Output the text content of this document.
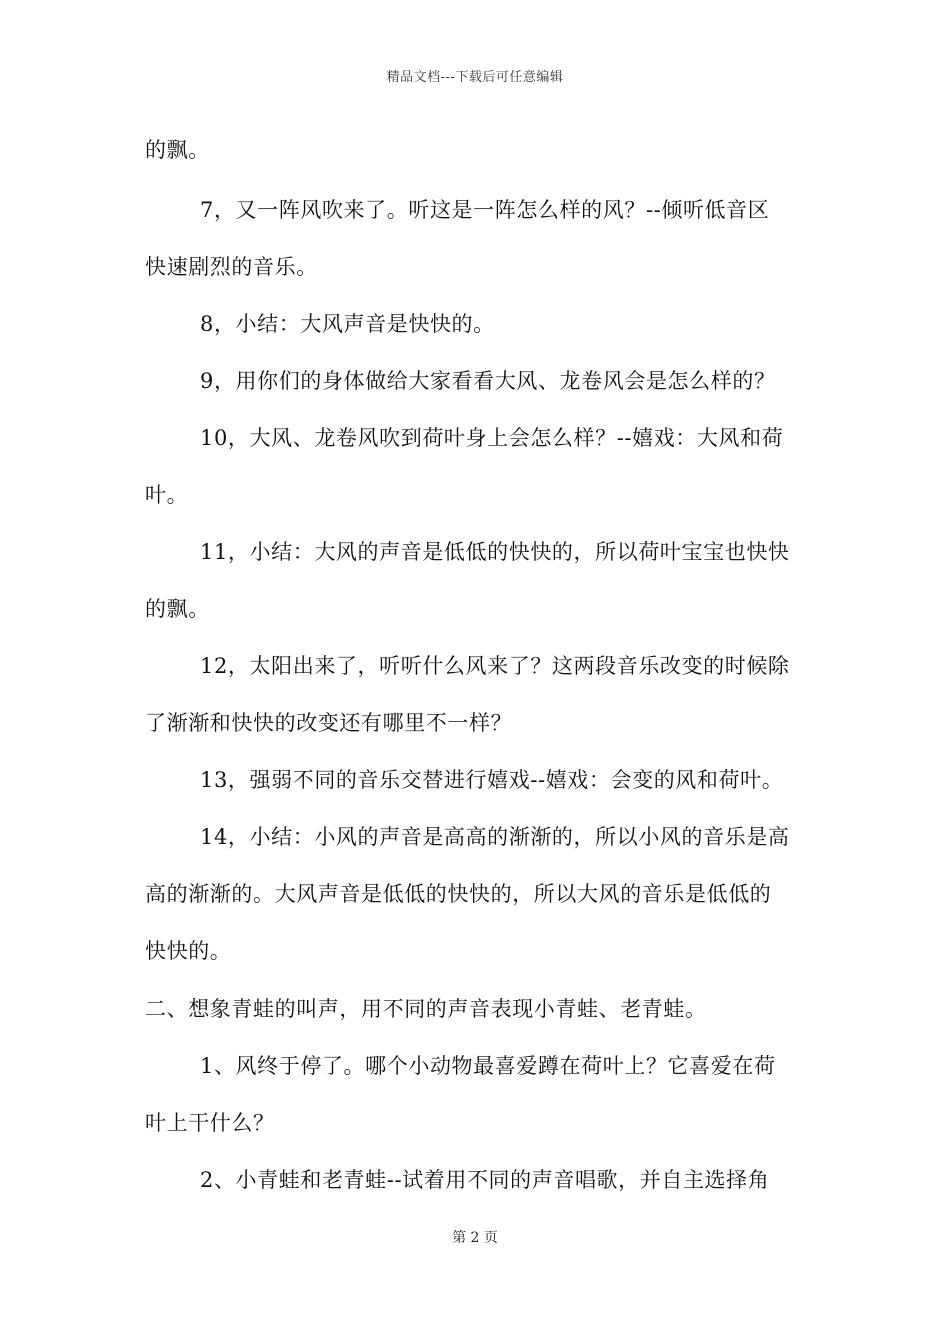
精品文档---下载后可任意编辑
的飘。
7，又一阵风吹来了。听这是一阵怎么样的风？--倾听低音区
快速剧烈的音乐。
8，小结：大风声音是快快的。
9，用你们的身体做给大家看看大风、龙卷风会是怎么样的？
10，大风、龙卷风吹到荷叶身上会怎么样？--嬉戏：大风和荷
叶。
11，小结：大风的声音是低低的快快的，所以荷叶宝宝也快快
的飘。
12，太阳出来了，听听什么风来了？这两段音乐改变的时候除
了渐渐和快快的改变还有哪里不一样？
13，强弱不同的音乐交替进行嬉戏--嬉戏：会变的风和荷叶。
14，小结：小风的声音是高高的渐渐的，所以小风的音乐是高
高的渐渐的。大风声音是低低的快快的，所以大风的音乐是低低的
快快的。
二、想象青蛙的叫声，用不同的声音表现小青蛙、老青蛙。
1、风终于停了。哪个小动物最喜爱蹲在荷叶上？它喜爱在荷
叶上干什么？
2、小青蛙和老青蛙--试着用不同的声音唱歌，并自主选择角
第 2 页
